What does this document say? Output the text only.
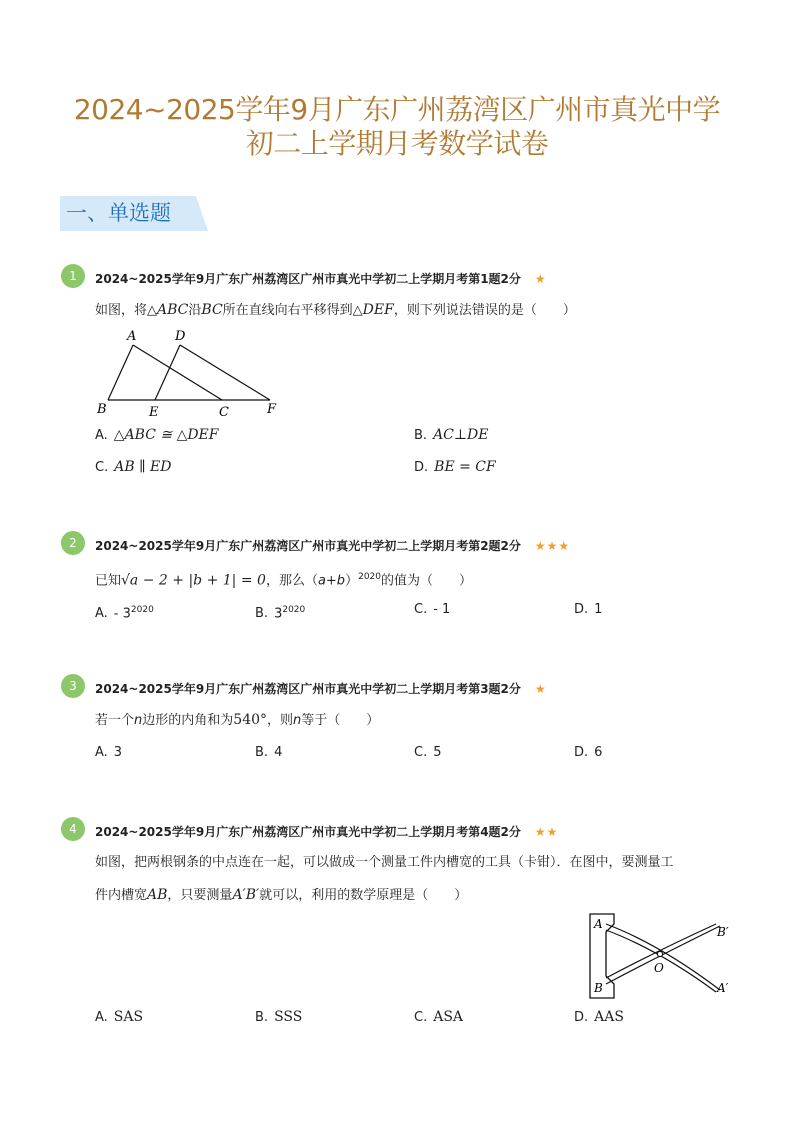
2024~2025学年9月广东广州荔湾区广州市真光中学
初二上学期月考数学试卷
一、单选题
1	2024~2025学年9月广东广州荔湾区广州市真光中学初二上学期月考第1题2分 ★
如图，将△ABC沿BC所在直线向右平移得到△DEF，则下列说法错误的是（　　）
A	D
B	E	C	F
A. △ABC ≅ △DEF	B. AC⊥DE
C. AB ∥ ED	D. BE = CF
2	2024~2025学年9月广东广州荔湾区广州市真光中学初二上学期月考第2题2分 ★★★
已知√a − 2 + |b + 1| = 0，那么$(a+b)^{2020}$的值为（　　）
A. - $3^{2020}$	B. $3^{2020}$	C. - 1	D. 1
3	2024~2025学年9月广东广州荔湾区广州市真光中学初二上学期月考第3题2分 ★
若一个n边形的内角和为540°，则n等于（　　）
A. 3	B. 4	C. 5	D. 6
4	2024~2025学年9月广东广州荔湾区广州市真光中学初二上学期月考第4题2分 ★★
如图，把两根钢条的中点连在一起，可以做成一个测量工件内槽宽的工具（卡钳）．在图中，要测量工
件内槽宽AB，只要测量A′B′就可以，利用的数学原理是（　　）
A
B
O
B′
A′
A. SAS	B. SSS	C. ASA	D. AAS
